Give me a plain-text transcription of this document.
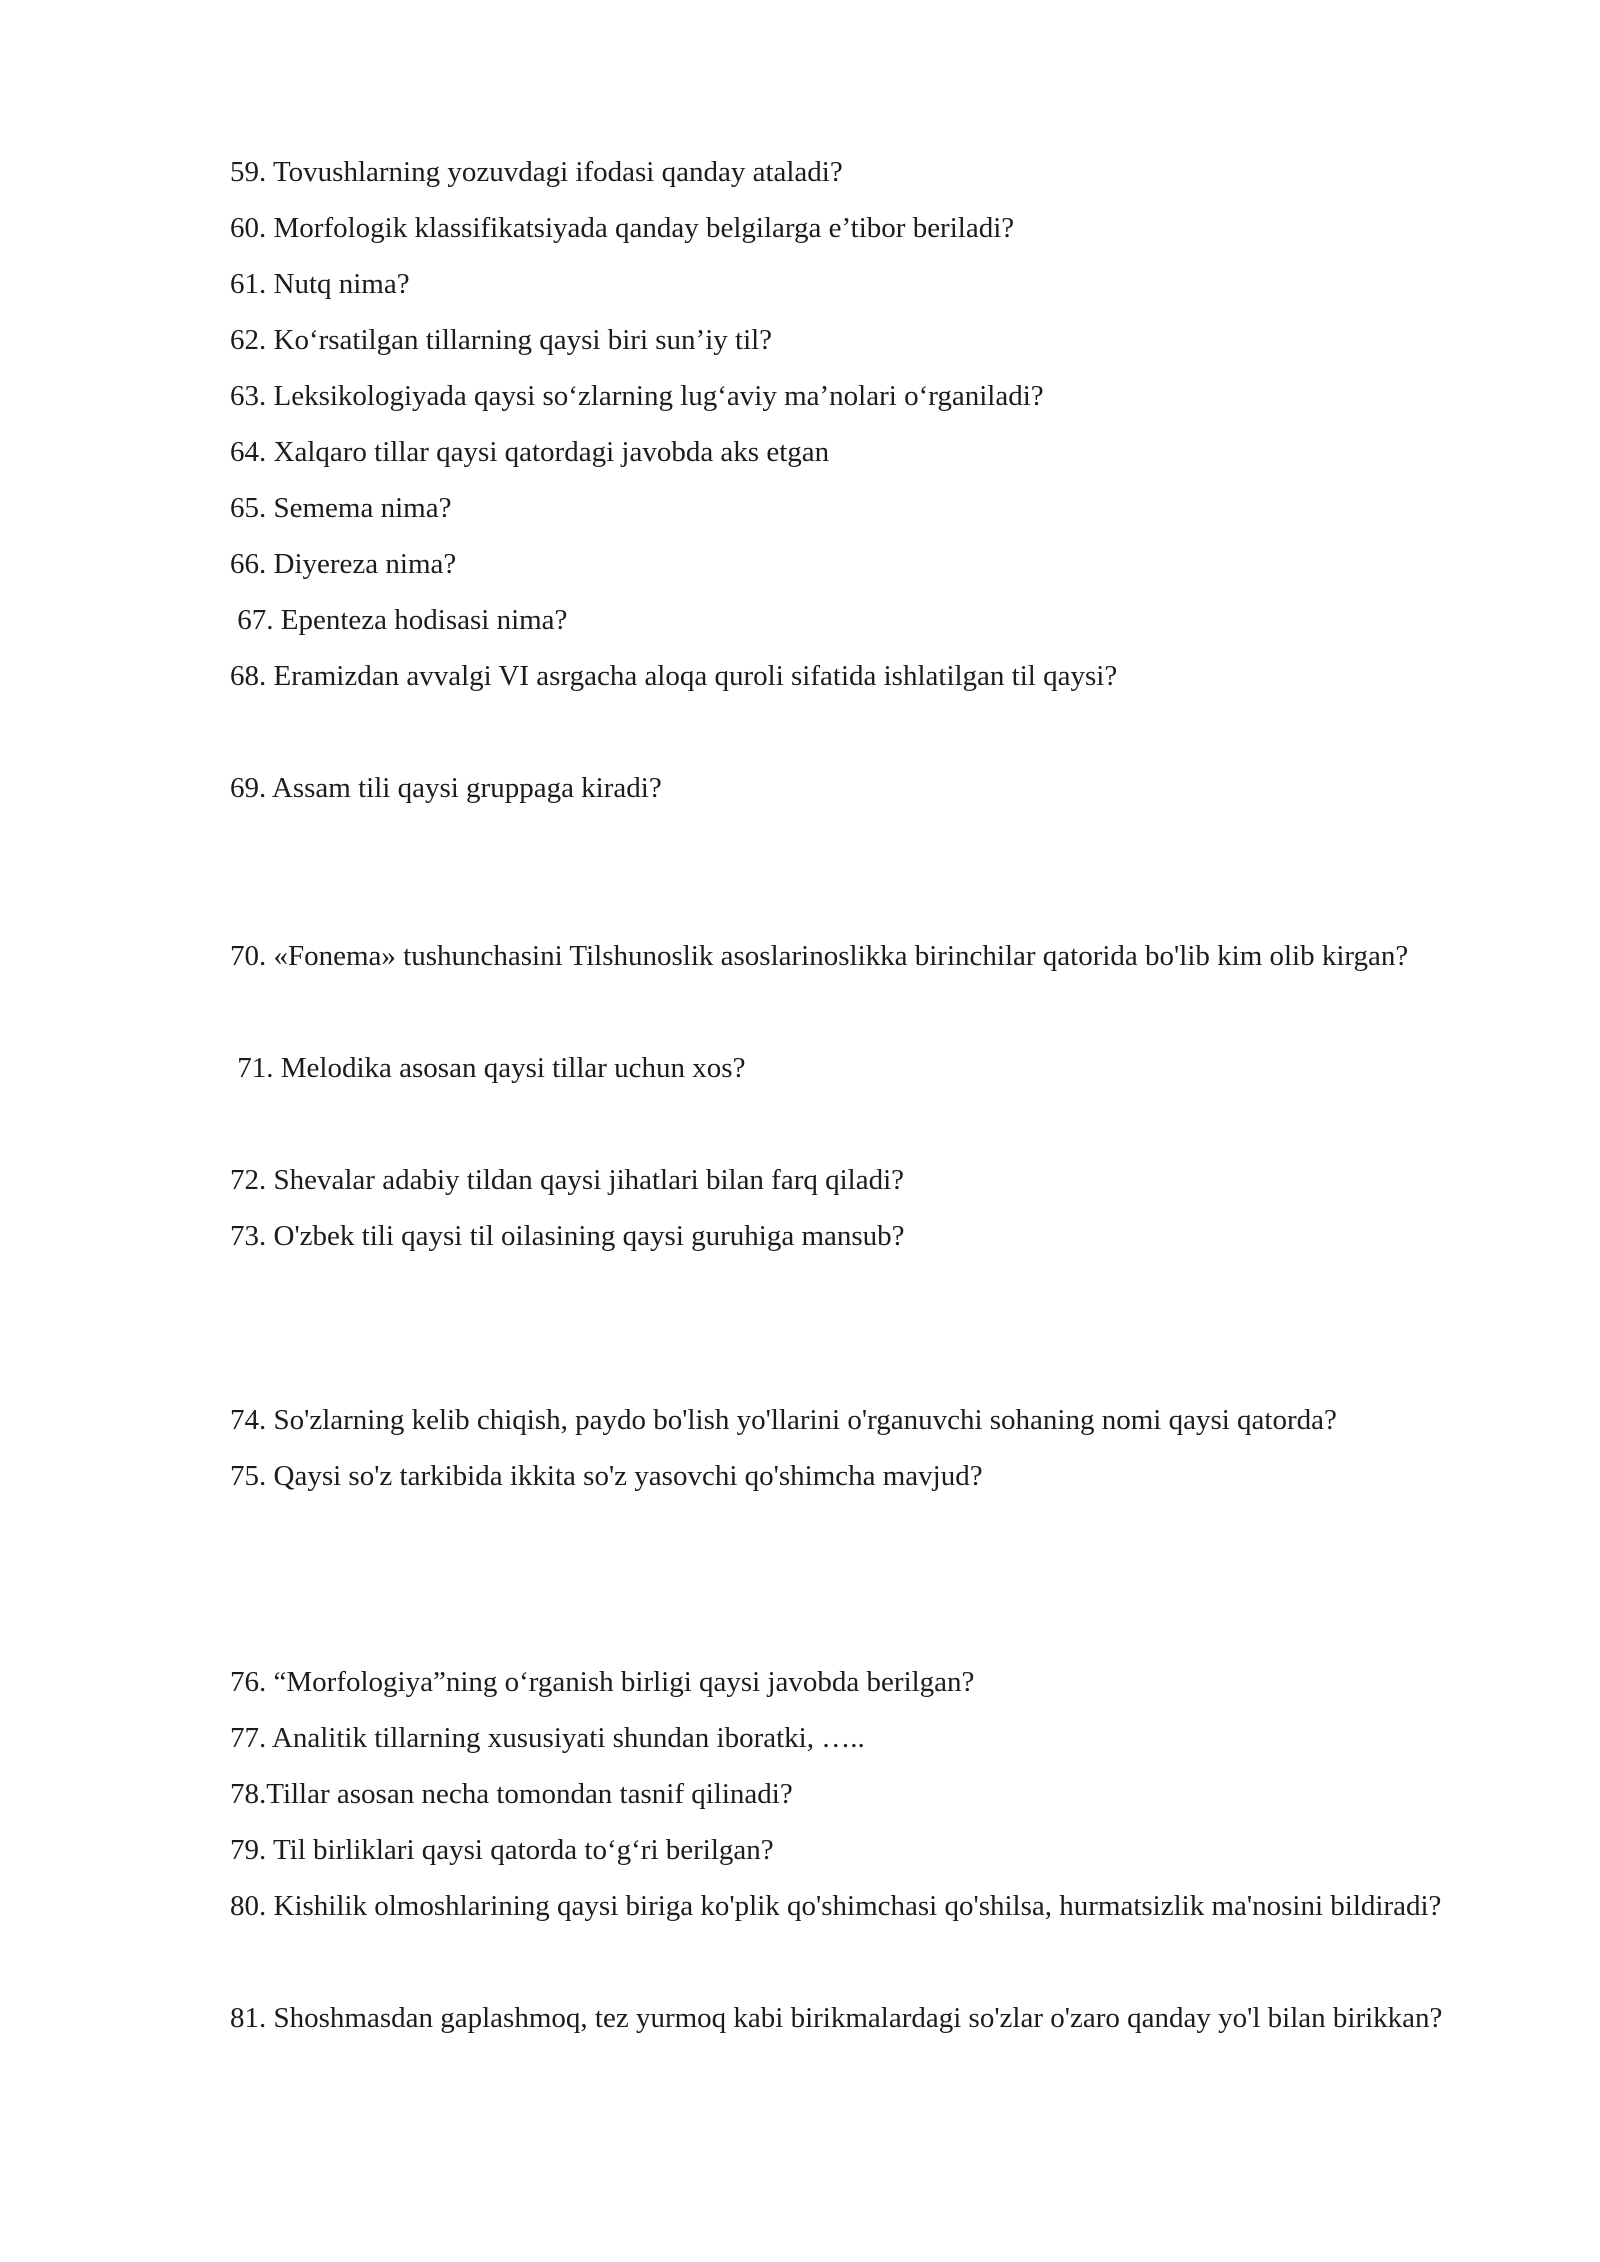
59. Tovushlarning yozuvdagi ifodasi qanday ataladi?

60. Morfologik klassifikatsiyada qanday belgilarga e’tibor beriladi?

61. Nutq nima?

62. Ko‘rsatilgan tillarning qaysi biri sun’iy til?

63. Leksikologiyada qaysi so‘zlarning lug‘aviy ma’nolari o‘rganiladi?

64. Xalqaro tillar qaysi qatordagi javobda aks etgan

65. Semema nima?

66. Diyereza nima?

67. Epenteza hodisasi nima?

68. Eramizdan avvalgi VI asrgacha aloqa quroli sifatida ishlatilgan til qaysi?

69. Assam tili qaysi gruppaga kiradi?

70. «Fonema» tushunchasini Tilshunoslik asoslarinoslikka birinchilar qatorida bo'lib kim olib kirgan?

71. Melodika asosan qaysi tillar uchun xos?

72. Shevalar adabiy tildan qaysi jihatlari bilan farq qiladi?

73. O'zbek tili qaysi til oilasining qaysi guruhiga mansub?

74. So'zlarning kelib chiqish, paydo bo'lish yo'llarini o'rganuvchi sohaning nomi qaysi qatorda?

75. Qaysi so'z tarkibida ikkita so'z yasovchi qo'shimcha mavjud?

76. “Morfologiya”ning o‘rganish birligi qaysi javobda berilgan?

77. Analitik tillarning xususiyati shundan iboratki, …..

78.Tillar asosan necha tomondan tasnif qilinadi?

79. Til birliklari qaysi qatorda to‘g‘ri berilgan?

80. Kishilik olmoshlarining qaysi biriga ko'plik qo'shimchasi qo'shilsa, hurmatsizlik ma'nosini bildiradi?

81. Shoshmasdan gaplashmoq, tez yurmoq kabi birikmalardagi so'zlar o'zaro qanday yo'l bilan birikkan?
